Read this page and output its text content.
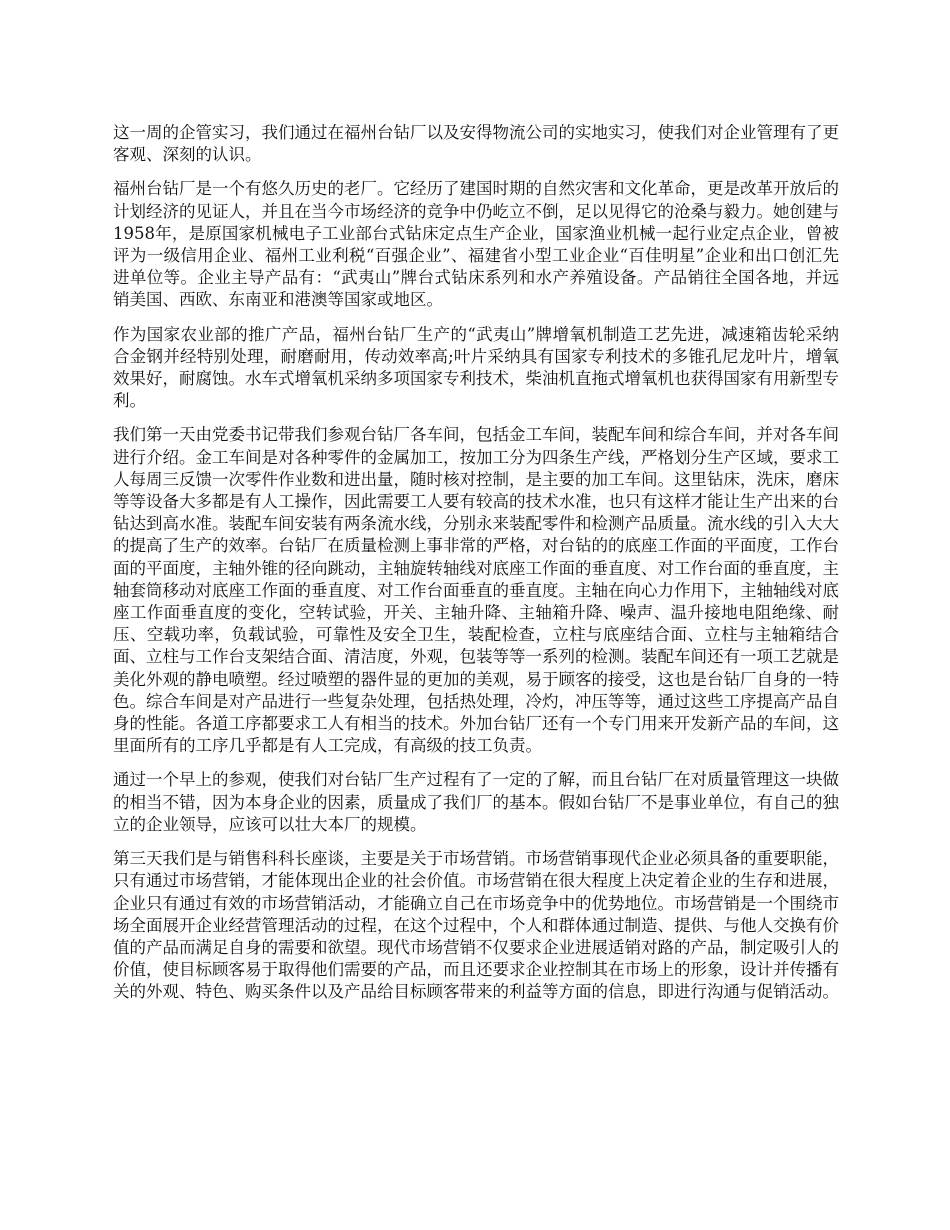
这一周的企管实习，我们通过在福州台钻厂以及安得物流公司的实地实习，使我们对企业管理有了更客观、深刻的认识。

福州台钻厂是一个有悠久历史的老厂。它经历了建国时期的自然灾害和文化革命，更是改革开放后的计划经济的见证人，并且在当今市场经济的竞争中仍屹立不倒，足以见得它的沧桑与毅力。她创建与1958年，是原国家机械电子工业部台式钻床定点生产企业，国家渔业机械一起行业定点企业，曾被评为一级信用企业、福州工业利税“百强企业”、福建省小型工业企业“百佳明星”企业和出口创汇先进单位等。企业主导产品有：“武夷山”牌台式钻床系列和水产养殖设备。产品销往全国各地，并远销美国、西欧、东南亚和港澳等国家或地区。

作为国家农业部的推广产品，福州台钻厂生产的“武夷山”牌增氧机制造工艺先进，减速箱齿轮采纳合金钢并经特别处理，耐磨耐用，传动效率高;叶片采纳具有国家专利技术的多锥孔尼龙叶片，增氧效果好，耐腐蚀。水车式增氧机采纳多项国家专利技术，柴油机直拖式增氧机也获得国家有用新型专利。

我们第一天由党委书记带我们参观台钻厂各车间，包括金工车间，装配车间和综合车间，并对各车间进行介绍。金工车间是对各种零件的金属加工，按加工分为四条生产线，严格划分生产区域，要求工人每周三反馈一次零件作业数和进出量，随时核对控制，是主要的加工车间。这里钻床，洗床，磨床等等设备大多都是有人工操作，因此需要工人要有较高的技术水准，也只有这样才能让生产出来的台钻达到高水准。装配车间安装有两条流水线，分别永来装配零件和检测产品质量。流水线的引入大大的提高了生产的效率。台钻厂在质量检测上事非常的严格，对台钻的的底座工作面的平面度，工作台面的平面度，主轴外锥的径向跳动，主轴旋转轴线对底座工作面的垂直度、对工作台面的垂直度，主轴套筒移动对底座工作面的垂直度、对工作台面垂直的垂直度。主轴在向心力作用下，主轴轴线对底座工作面垂直度的变化，空转试验，开关、主轴升降、主轴箱升降、噪声、温升接地电阻绝缘、耐压、空载功率，负载试验，可靠性及安全卫生，装配检查，立柱与底座结合面、立柱与主轴箱结合面、立柱与工作台支架结合面、清洁度，外观，包装等等一系列的检测。装配车间还有一项工艺就是美化外观的静电喷塑。经过喷塑的器件显的更加的美观，易于顾客的接受，这也是台钻厂自身的一特色。综合车间是对产品进行一些复杂处理，包括热处理，冷灼，冲压等等，通过这些工序提高产品自身的性能。各道工序都要求工人有相当的技术。外加台钻厂还有一个专门用来开发新产品的车间，这里面所有的工序几乎都是有人工完成，有高级的技工负责。

通过一个早上的参观，使我们对台钻厂生产过程有了一定的了解，而且台钻厂在对质量管理这一块做的相当不错，因为本身企业的因素，质量成了我们厂的基本。假如台钻厂不是事业单位，有自己的独立的企业领导，应该可以壮大本厂的规模。

第三天我们是与销售科科长座谈，主要是关于市场营销。市场营销事现代企业必须具备的重要职能，只有通过市场营销，才能体现出企业的社会价值。市场营销在很大程度上决定着企业的生存和进展，企业只有通过有效的市场营销活动，才能确立自己在市场竞争中的优势地位。市场营销是一个围绕市场全面展开企业经营管理活动的过程，在这个过程中，个人和群体通过制造、提供、与他人交换有价值的产品而满足自身的需要和欲望。现代市场营销不仅要求企业进展适销对路的产品，制定吸引人的价值，使目标顾客易于取得他们需要的产品，而且还要求企业控制其在市场上的形象，设计并传播有关的外观、特色、购买条件以及产品给目标顾客带来的利益等方面的信息，即进行沟通与促销活动。
